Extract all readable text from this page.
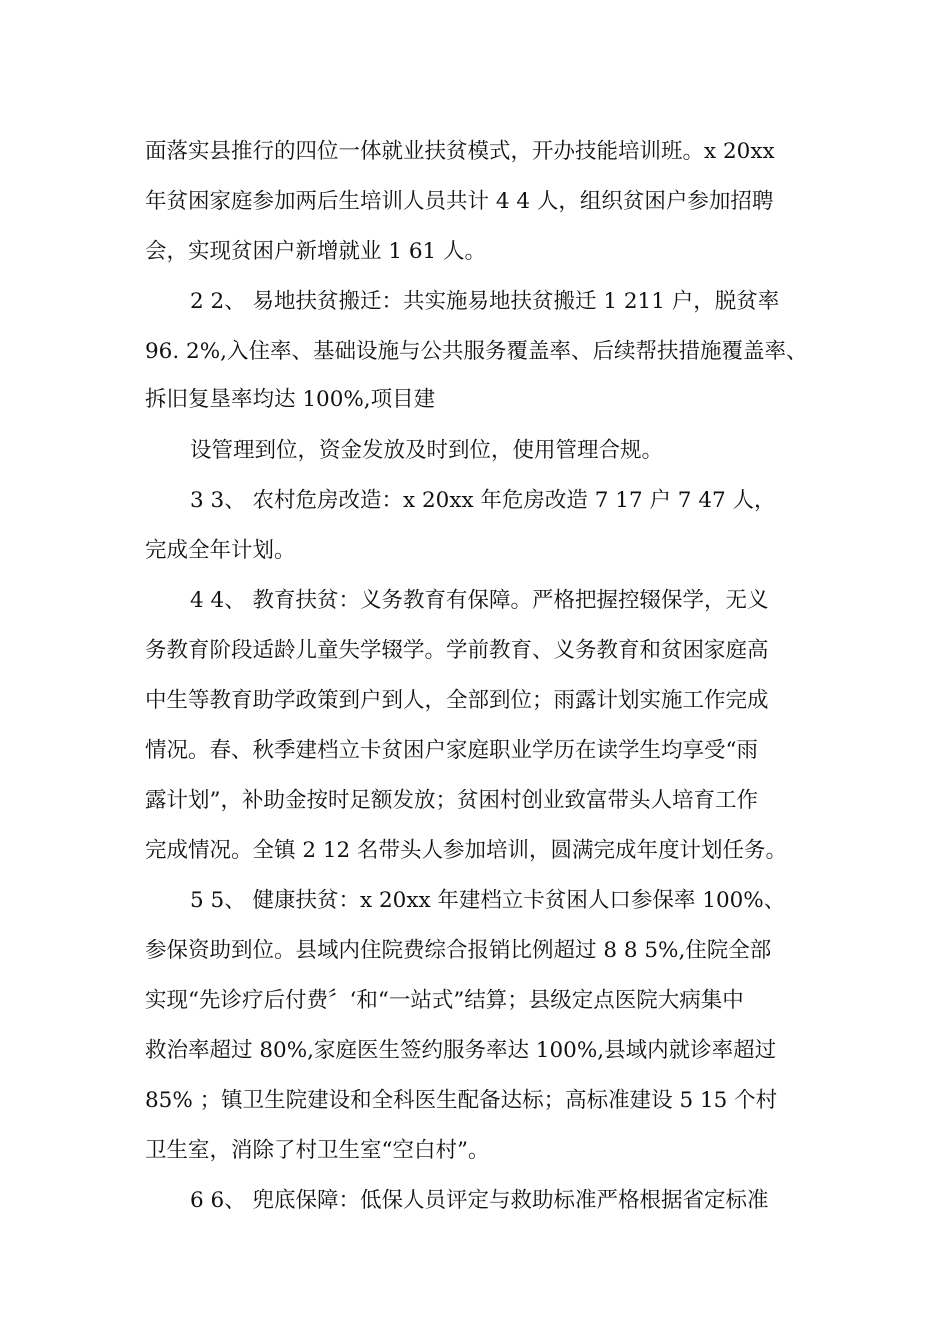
面落实县推行的四位一体就业扶贫模式，开办技能培训班。x 20xx
年贫困家庭参加两后生培训人员共计 4 4 人，组织贫困户参加招聘
会，实现贫困户新增就业 1 61 人。
2 2、 易地扶贫搬迁：共实施易地扶贫搬迁 1 211 户，脱贫率
96. 2%,入住率、基础设施与公共服务覆盖率、后续帮扶措施覆盖率、
拆旧复垦率均达 100%,项目建
设管理到位，资金发放及时到位，使用管理合规。
3 3、 农村危房改造：x 20xx 年危房改造 7 17 户 7 47 人，
完成全年计划。
4 4、 教育扶贫：义务教育有保障。严格把握控辍保学，无义
务教育阶段适龄儿童失学辍学。学前教育、义务教育和贫困家庭高
中生等教育助学政策到户到人，全部到位；雨露计划实施工作完成
情况。春、秋季建档立卡贫困户家庭职业学历在读学生均享受“雨
露计划”，补助金按时足额发放；贫困村创业致富带头人培育工作
完成情况。全镇 2 12 名带头人参加培训，圆满完成年度计划任务。
5 5、 健康扶贫：x 20xx 年建档立卡贫困人口参保率 100%、
参保资助到位。县域内住院费综合报销比例超过 8 8 5%,住院全部
实现“先诊疗后付费〞‘和“一站式”结算；县级定点医院大病集中
救治率超过 80%,家庭医生签约服务率达 100%,县域内就诊率超过
85% ；镇卫生院建设和全科医生配备达标；高标准建设 5 15 个村
卫生室，消除了村卫生室“空白村”。
6 6、 兜底保障：低保人员评定与救助标准严格根据省定标准
